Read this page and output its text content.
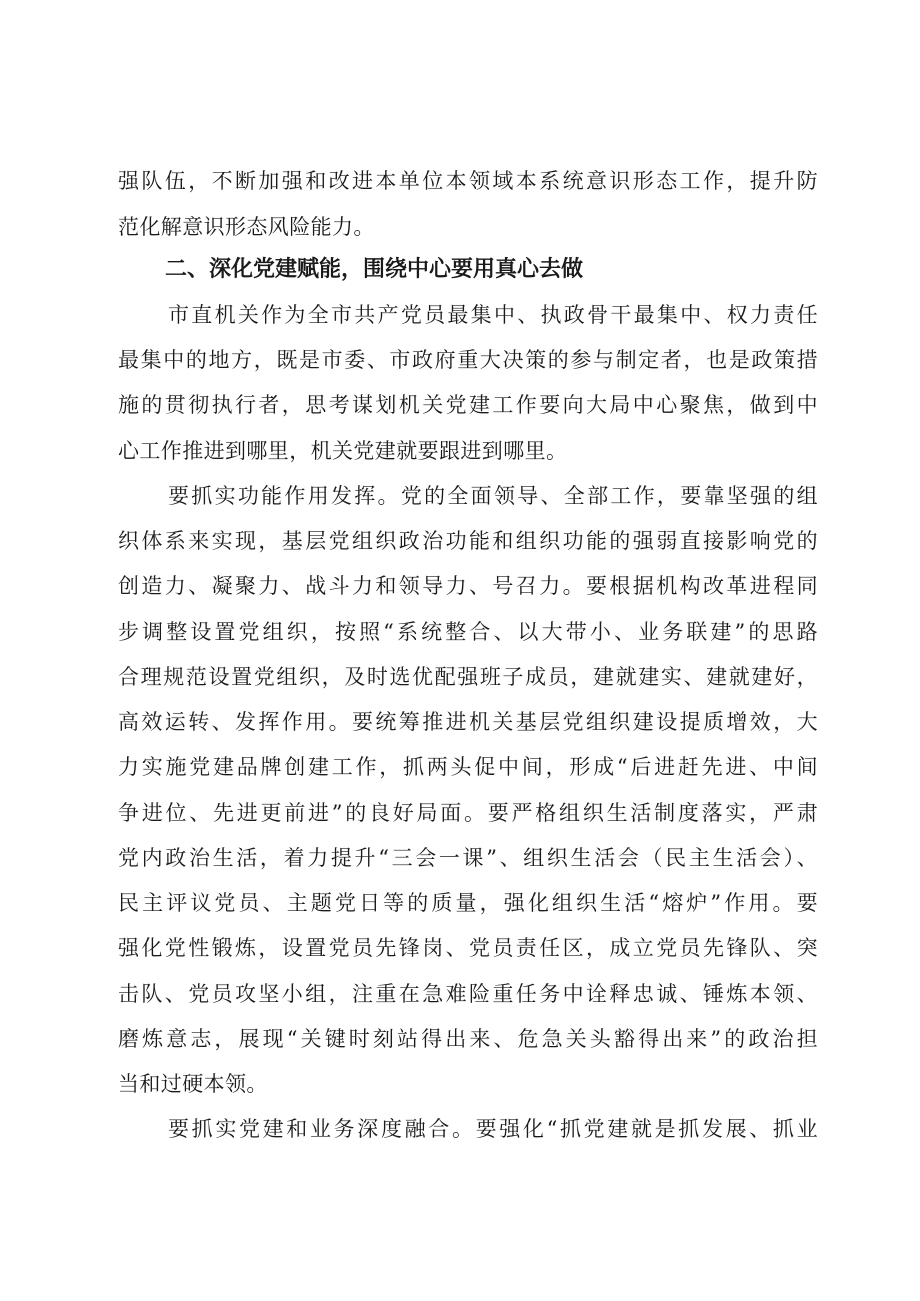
强队伍，不断加强和改进本单位本领域本系统意识形态工作，提升防
范化解意识形态风险能力。
二、深化党建赋能，围绕中心要用真心去做
市直机关作为全市共产党员最集中、执政骨干最集中、权力责任
最集中的地方，既是市委、市政府重大决策的参与制定者，也是政策措
施的贯彻执行者，思考谋划机关党建工作要向大局中心聚焦，做到中
心工作推进到哪里，机关党建就要跟进到哪里。
要抓实功能作用发挥。党的全面领导、全部工作，要靠坚强的组
织体系来实现，基层党组织政治功能和组织功能的强弱直接影响党的
创造力、凝聚力、战斗力和领导力、号召力。要根据机构改革进程同
步调整设置党组织，按照“系统整合、以大带小、业务联建”的思路
合理规范设置党组织，及时选优配强班子成员，建就建实、建就建好，
高效运转、发挥作用。要统筹推进机关基层党组织建设提质增效，大
力实施党建品牌创建工作，抓两头促中间，形成“后进赶先进、中间
争进位、先进更前进”的良好局面。要严格组织生活制度落实，严肃
党内政治生活，着力提升“三会一课”、组织生活会（民主生活会）、
民主评议党员、主题党日等的质量，强化组织生活“熔炉”作用。要
强化党性锻炼，设置党员先锋岗、党员责任区，成立党员先锋队、突
击队、党员攻坚小组，注重在急难险重任务中诠释忠诚、锤炼本领、
磨炼意志，展现“关键时刻站得出来、危急关头豁得出来”的政治担
当和过硬本领。
要抓实党建和业务深度融合。要强化“抓党建就是抓发展、抓业
